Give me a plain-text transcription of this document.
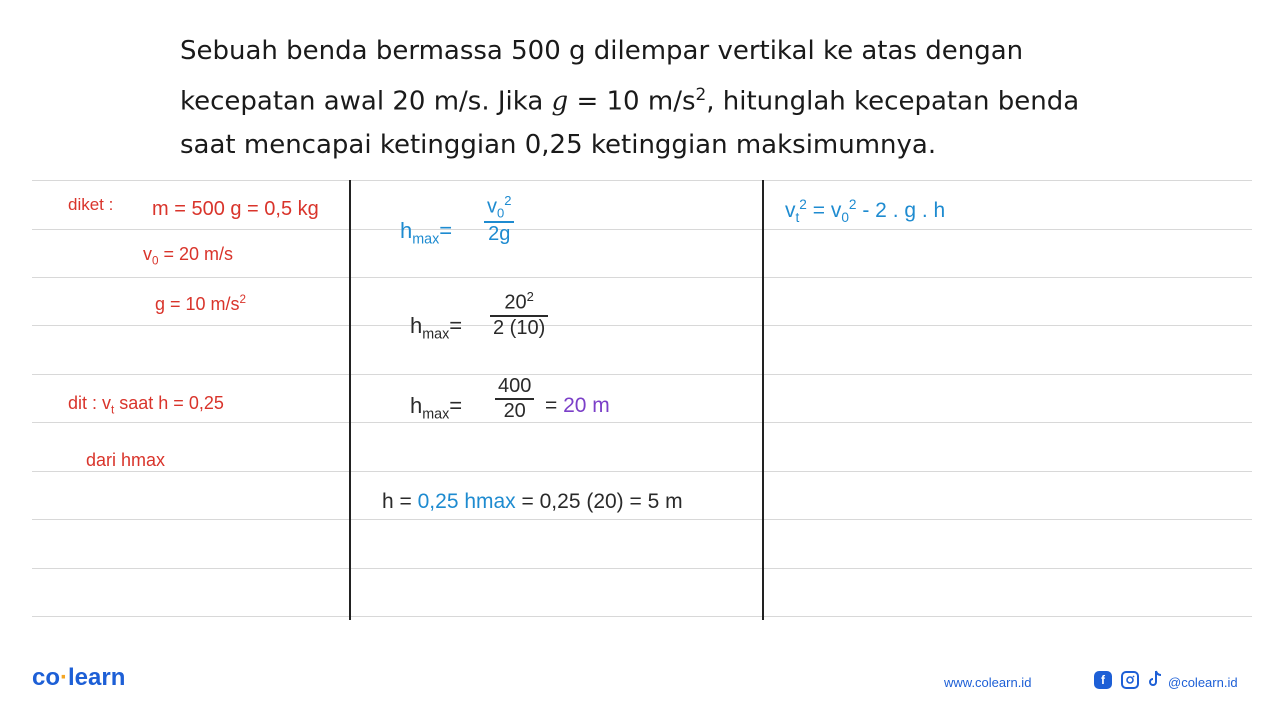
Sebuah benda bermassa 500 g dilempar vertikal ke atas dengan
kecepatan awal 20 m/s. Jika g = 10 $m/s^2$, hitunglah kecepatan benda
saat mencapai ketinggian 0,25 ketinggian maksimumnya.
diket : m = 500 g = 0,5 kg
$v_0 = 20$ m/s
g = 10 $m/s^2$
dit : $v_t$ saat h = 0,25
dari hmax
$h_{max}=$
$v_0^2$
2g
$h_{max}=$
$20^2$
2 (10)
$h_{max}=$
400
20 = 20 m
h = 0,25 hmax = 0,25 (20) = 5 m
$v_t^2 = v_0^2 - 2$ . g . h
co·learn	www.colearn.id	f	@colearn.id
